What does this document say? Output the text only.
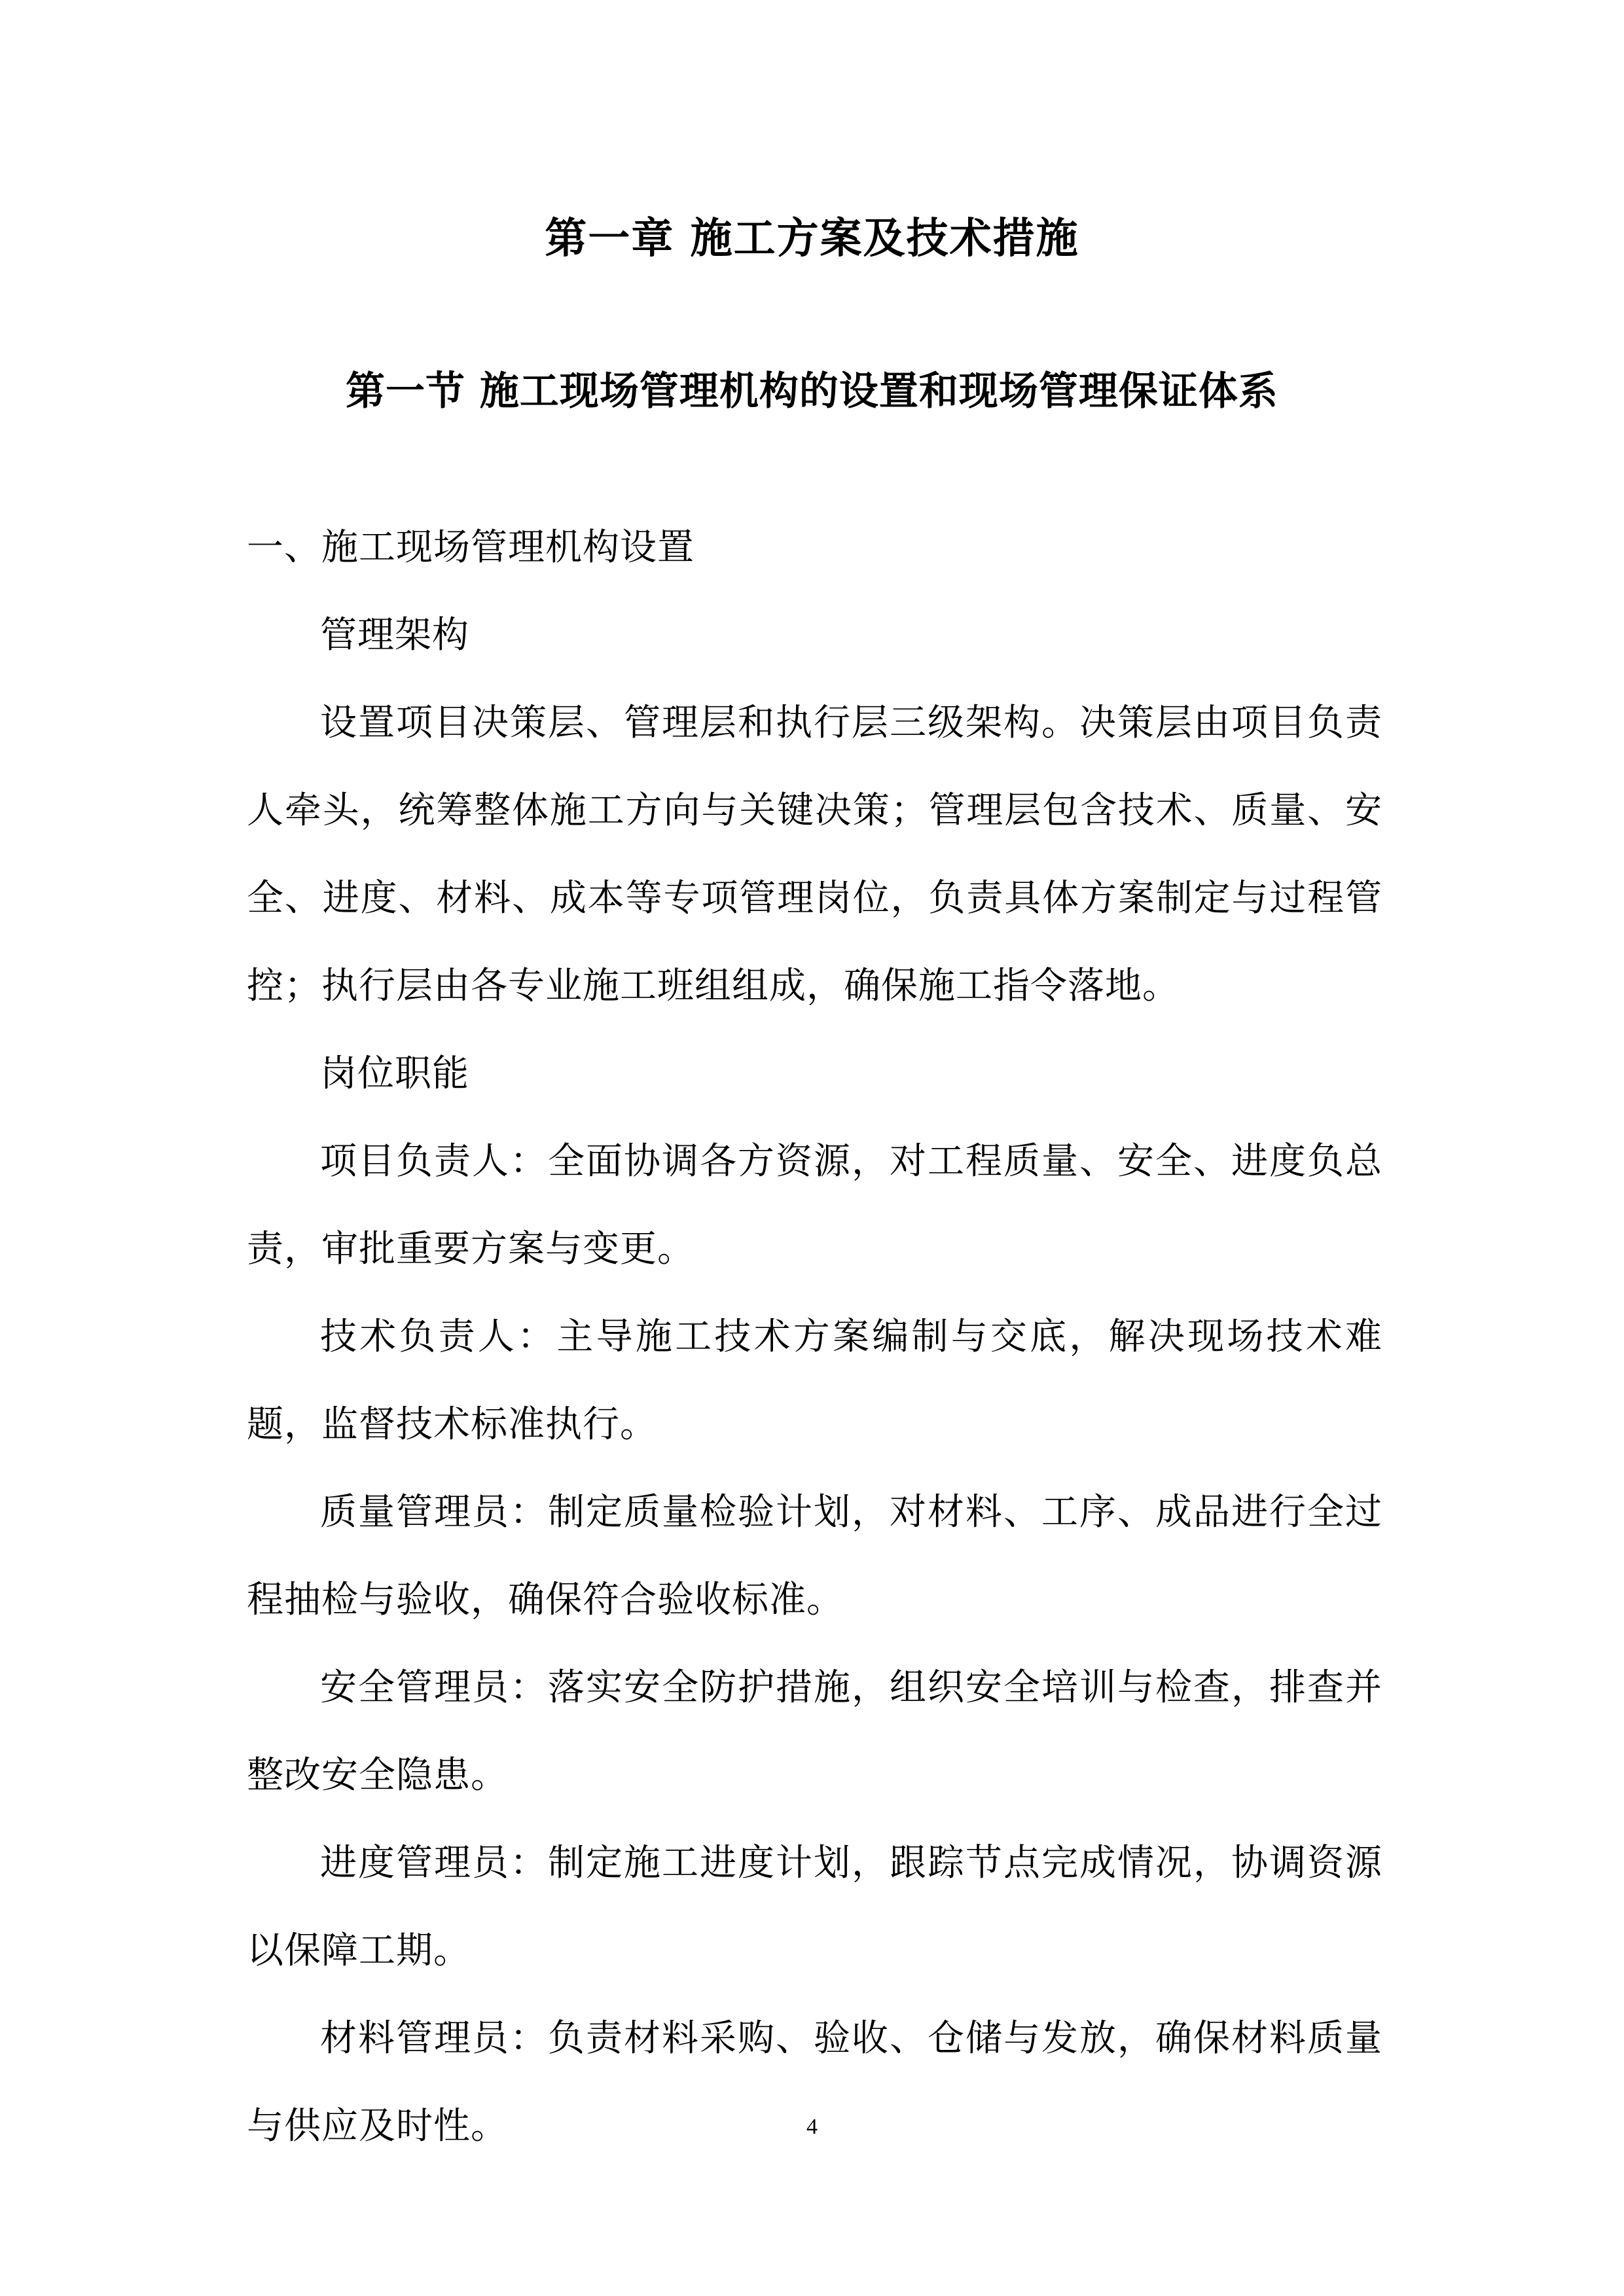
第一章 施工方案及技术措施
第一节 施工现场管理机构的设置和现场管理保证体系

一、施工现场管理机构设置

管理架构

设置项目决策层、管理层和执行层三级架构。决策层由项目负责人牵头，统筹整体施工方向与关键决策；管理层包含技术、质量、安全、进度、材料、成本等专项管理岗位，负责具体方案制定与过程管控；执行层由各专业施工班组组成，确保施工指令落地。

岗位职能

项目负责人：全面协调各方资源，对工程质量、安全、进度负总责，审批重要方案与变更。

技术负责人：主导施工技术方案编制与交底，解决现场技术难题，监督技术标准执行。

质量管理员：制定质量检验计划，对材料、工序、成品进行全过程抽检与验收，确保符合验收标准。

安全管理员：落实安全防护措施，组织安全培训与检查，排查并整改安全隐患。

进度管理员：制定施工进度计划，跟踪节点完成情况，协调资源以保障工期。

材料管理员：负责材料采购、验收、仓储与发放，确保材料质量与供应及时性。	4
